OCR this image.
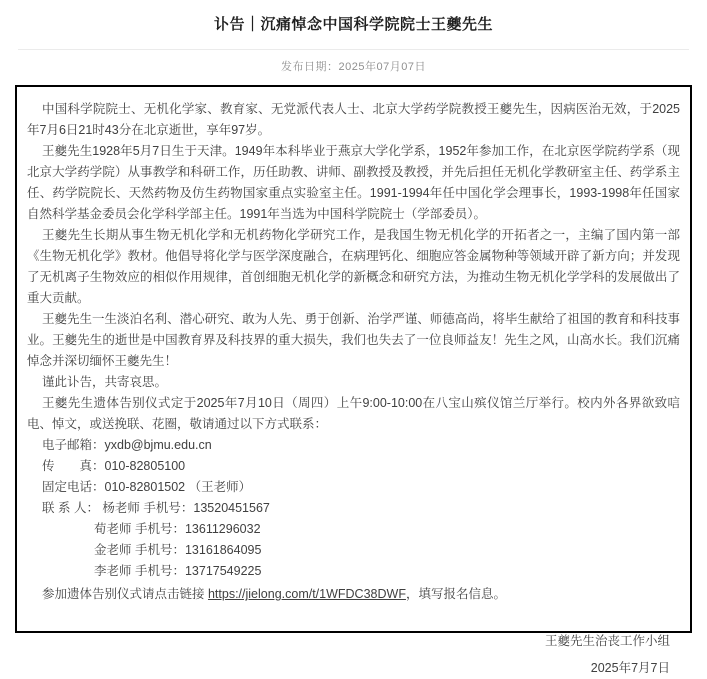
讣告｜沉痛悼念中国科学院院士王夔先生
发布日期：2025年07月07日

中国科学院院士、无机化学家、教育家、无党派代表人士、北京大学药学院教授王夔先生，因病医治无效，于2025年7月6日21时43分在北京逝世，享年97岁。

王夔先生1928年5月7日生于天津。1949年本科毕业于燕京大学化学系，1952年参加工作，在北京医学院药学系（现北京大学药学院）从事教学和科研工作，历任助教、讲师、副教授及教授，并先后担任无机化学教研室主任、药学系主任、药学院院长、天然药物及仿生药物国家重点实验室主任。1991-1994年任中国化学会理事长，1993-1998年任国家自然科学基金委员会化学科学部主任。1991年当选为中国科学院院士（学部委员）。

王夔先生长期从事生物无机化学和无机药物化学研究工作，是我国生物无机化学的开拓者之一，主编了国内第一部《生物无机化学》教材。他倡导将化学与医学深度融合，在病理钙化、细胞应答金属物种等领域开辟了新方向；并发现了无机离子生物效应的相似作用规律，首创细胞无机化学的新概念和研究方法，为推动生物无机化学学科的发展做出了重大贡献。

王夔先生一生淡泊名利、潜心研究、敢为人先、勇于创新、治学严谨、师德高尚，将毕生献给了祖国的教育和科技事业。王夔先生的逝世是中国教育界及科技界的重大损失，我们也失去了一位良师益友！先生之风，山高水长。我们沉痛悼念并深切缅怀王夔先生！

谨此讣告，共寄哀思。

王夔先生遗体告别仪式定于2025年7月10日（周四）上午9:00-10:00在八宝山殡仪馆兰厅举行。校内外各界欲致唁电、悼文，或送挽联、花圈，敬请通过以下方式联系：

电子邮箱：yxdb@bjmu.edu.cn

传　　真：010-82805100

固定电话：010-82801502 （王老师）

联 系 人： 杨老师 手机号：13520451567

荀老师 手机号：13611296032

金老师 手机号：13161864095

李老师 手机号：13717549225

参加遗体告别仪式请点击链接 https://jielong.com/t/1WFDC38DWF，填写报名信息。

王夔先生治丧工作小组

2025年7月7日
